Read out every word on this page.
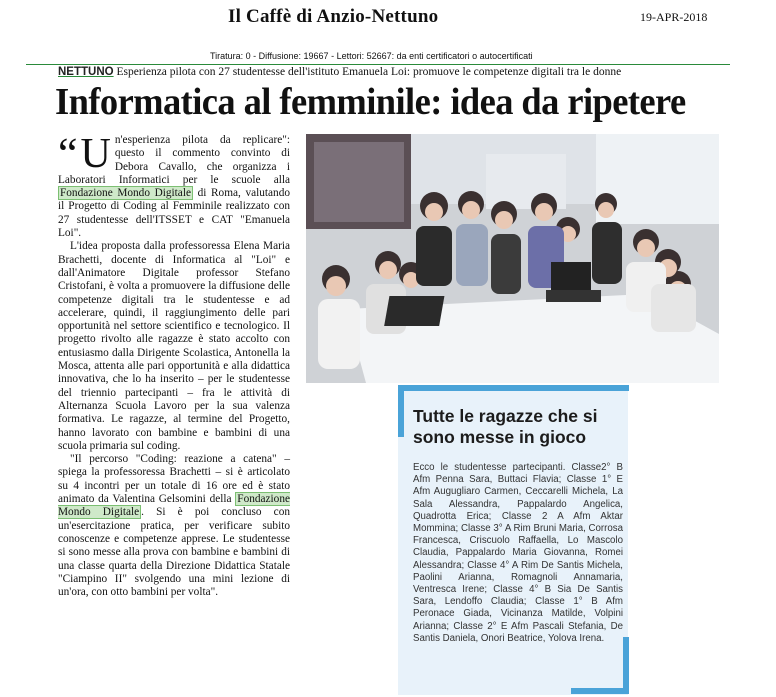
Il Caffè di Anzio-Nettuno	19-APR-2018
Tiratura: 0 - Diffusione: 19667 - Lettori: 52667: da enti certificatori o autocertificati
NETTUNO Esperienza pilota con 27 studentesse dell'istituto Emanuela Loi: promuove le competenze digitali tra le donne
Informatica al femminile: idea da ripetere

“ U n'esperienza pilota da replicare": questo il commento convinto di Debora Cavallo, che organizza i Laboratori Informatici per le scuole alla Fondazione Mondo Digitale di Roma, valutando il Progetto di Coding al Femminile realizzato con 27 studentesse dell'ITSSET e CAT "Emanuela Loi".

L'idea proposta dalla professoressa Elena Maria Brachetti, docente di Informatica al "Loi" e dall'Animatore Digitale professor Stefano Cristofani, è volta a promuovere la diffusione delle competenze digitali tra le studentesse e ad accelerare, quindi, il raggiungimento delle pari opportunità nel settore scientifico e tecnologico. Il progetto rivolto alle ragazze è stato accolto con entusiasmo dalla Dirigente Scolastica, Antonella la Mosca, attenta alle pari opportunità e alla didattica innovativa, che lo ha inserito – per le studentesse del triennio partecipanti – fra le attività di Alternanza Scuola Lavoro per la sua valenza formativa. Le ragazze, al termine del Progetto, hanno lavorato con bambine e bambini di una scuola primaria sul coding.

"Il percorso "Coding: reazione a catena" – spiega la professoressa Brachetti – si è articolato su 4 incontri per un totale di 16 ore ed è stato animato da Valentina Gelsomini della Fondazione Mondo Digitale . Si è poi concluso con un'esercitazione pratica, per verificare subito conoscenze e competenze apprese. Le studentesse si sono messe alla prova con bambine e bambini di una classe quarta della Direzione Didattica Statale "Ciampino II" svolgendo una mini lezione di un'ora, con otto bambini per volta".

Tutte le ragazze che si sono messe in gioco
Ecco le studentesse partecipanti. Classe2° B Afm Penna Sara, Buttaci Flavia; Classe 1° E Afm Augugliaro Carmen, Ceccarelli Michela, La Sala Alessandra, Pappalardo Angelica, Quadrotta Erica; Classe 2 A Afm Aktar Mommina; Classe 3° A Rim Bruni Maria, Corrosa Francesca, Criscuolo Raffaella, Lo Mascolo Claudia, Pappalardo Maria Giovanna, Romei Alessandra; Classe 4° A Rim De Santis Michela, Paolini Arianna, Romagnoli Annamaria, Ventresca Irene; Classe 4° B Sia De Santis Sara, Lendoffo Claudia; Classe 1° B Afm Peronace Giada, Vicinanza Matilde, Volpini Arianna; Classe 2° E Afm Pascali Stefania, De Santis Daniela, Onori Beatrice, Yolova Irena.
